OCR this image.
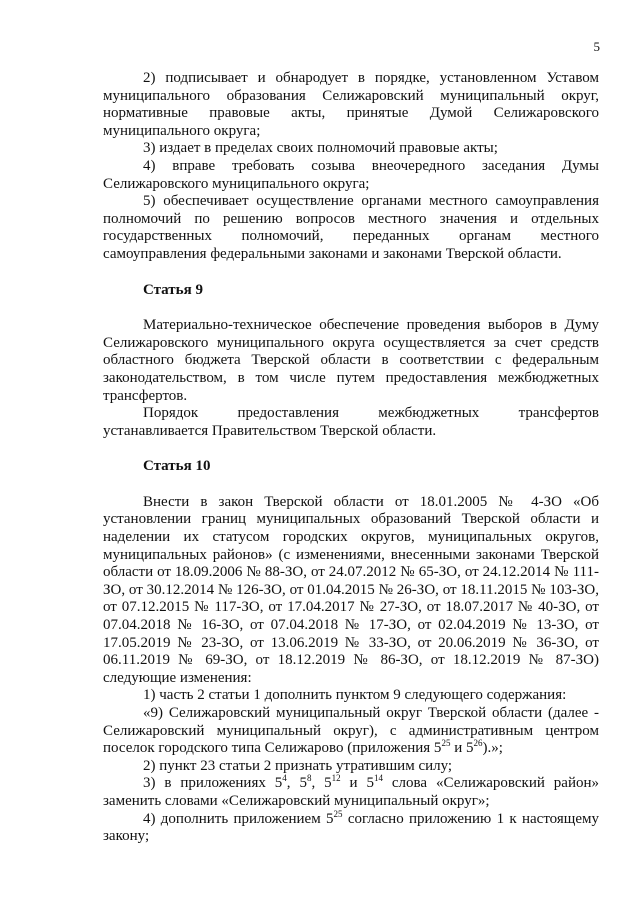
5

2) подписывает и обнародует в порядке, установленном Уставом муниципального образования Селижаровский муниципальный округ, нормативные правовые акты, принятые Думой Селижаровского муниципального округа;

3) издает в пределах своих полномочий правовые акты;

4) вправе требовать созыва внеочередного заседания Думы Селижаровского муниципального округа;

5) обеспечивает осуществление органами местного самоуправления полномочий по решению вопросов местного значения и отдельных государственных полномочий, переданных органам местного самоуправления федеральными законами и законами Тверской области.

Статья 9

Материально-техническое обеспечение проведения выборов в Думу Селижаровского муниципального округа осуществляется за счет средств областного бюджета Тверской области в соответствии с федеральным законодательством, в том числе путем предоставления межбюджетных трансфертов.

Порядок предоставления межбюджетных трансфертов устанавливается Правительством Тверской области.

Статья 10

Внести в закон Тверской области от 18.01.2005 № 4-ЗО «Об установлении границ муниципальных образований Тверской области и наделении их статусом городских округов, муниципальных округов, муниципальных районов» (с изменениями, внесенными законами Тверской области от 18.09.2006 № 88-ЗО, от 24.07.2012 № 65-ЗО, от 24.12.2014 № 111-ЗО, от 30.12.2014 № 126-ЗО, от 01.04.2015 № 26-ЗО, от 18.11.2015 № 103-ЗО, от 07.12.2015 № 117-ЗО, от 17.04.2017 № 27-ЗО, от 18.07.2017 № 40-ЗО, от 07.04.2018 № 16-ЗО, от 07.04.2018 № 17-ЗО, от 02.04.2019 № 13-ЗО, от 17.05.2019 № 23-ЗО, от 13.06.2019 № 33-ЗО, от 20.06.2019 № 36-ЗО, от 06.11.2019 № 69-ЗО, от 18.12.2019 № 86-ЗО, от 18.12.2019 № 87-ЗО) следующие изменения:

1) часть 2 статьи 1 дополнить пунктом 9 следующего содержания:

«9) Селижаровский муниципальный округ Тверской области (далее - Селижаровский муниципальный округ), с административным центром поселок городского типа Селижарово (приложения $5^{25}$ и $5^{26}$).»;

2) пункт 23 статьи 2 признать утратившим силу;

3) в приложениях $5^4$, $5^8$, $5^{12}$ и $5^{14}$ слова «Селижаровский район» заменить словами «Селижаровский муниципальный округ»;

4) дополнить приложением $5^{25}$ согласно приложению 1 к настоящему закону;
